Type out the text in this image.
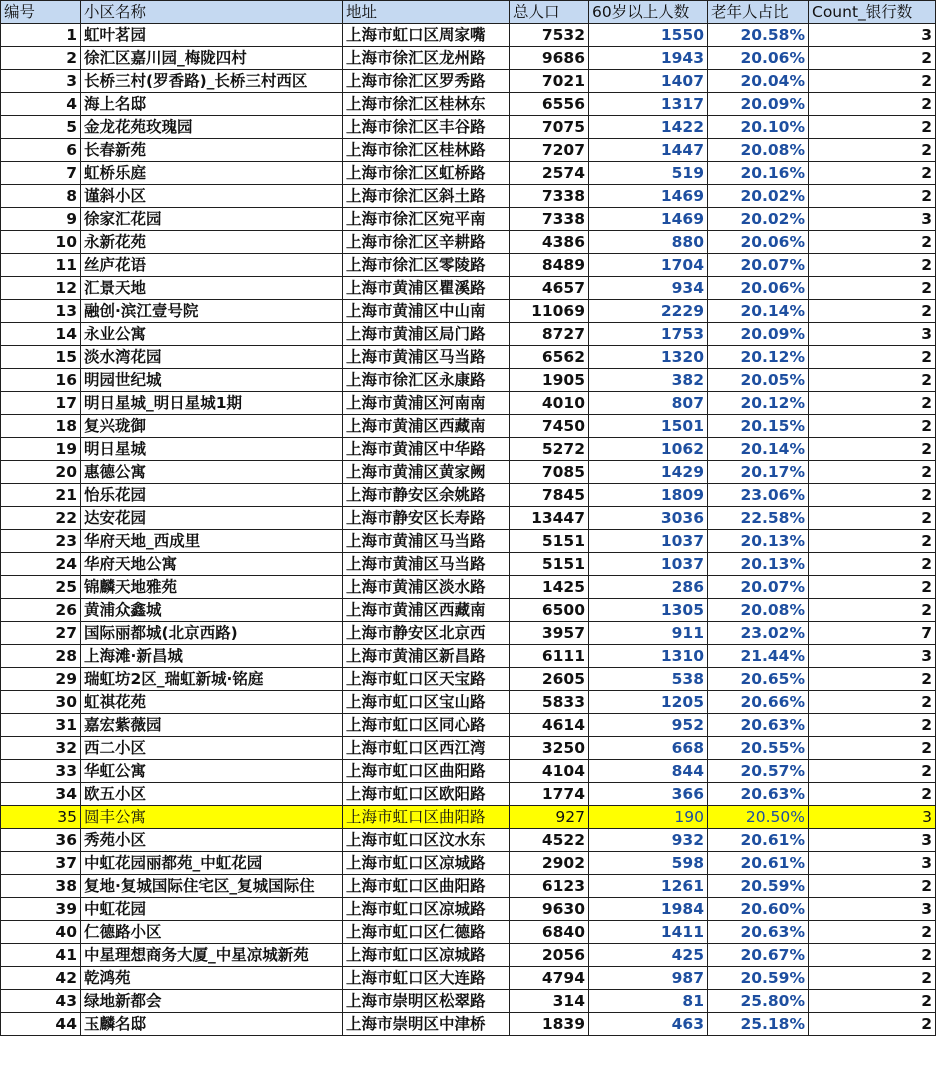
编号	小区名称	地址	总人口	60岁以上人数	老年人占比	Count_银行数
1	虹叶茗园	上海市虹口区周家嘴	7532	1550	20.58%	3
2	徐汇区嘉川园_梅陇四村	上海市徐汇区龙州路	9686	1943	20.06%	2
3	长桥三村(罗香路)_长桥三村西区	上海市徐汇区罗秀路	7021	1407	20.04%	2
4	海上名邸	上海市徐汇区桂林东	6556	1317	20.09%	2
5	金龙花苑玫瑰园	上海市徐汇区丰谷路	7075	1422	20.10%	2
6	长春新苑	上海市徐汇区桂林路	7207	1447	20.08%	2
7	虹桥乐庭	上海市徐汇区虹桥路	2574	519	20.16%	2
8	谨斜小区	上海市徐汇区斜土路	7338	1469	20.02%	2
9	徐家汇花园	上海市徐汇区宛平南	7338	1469	20.02%	3
10	永新花苑	上海市徐汇区辛耕路	4386	880	20.06%	2
11	丝庐花语	上海市徐汇区零陵路	8489	1704	20.07%	2
12	汇景天地	上海市黄浦区瞿溪路	4657	934	20.06%	2
13	融创·滨江壹号院	上海市黄浦区中山南	11069	2229	20.14%	2
14	永业公寓	上海市黄浦区局门路	8727	1753	20.09%	3
15	淡水湾花园	上海市黄浦区马当路	6562	1320	20.12%	2
16	明园世纪城	上海市徐汇区永康路	1905	382	20.05%	2
17	明日星城_明日星城1期	上海市黄浦区河南南	4010	807	20.12%	2
18	复兴珑御	上海市黄浦区西藏南	7450	1501	20.15%	2
19	明日星城	上海市黄浦区中华路	5272	1062	20.14%	2
20	惠德公寓	上海市黄浦区黄家阙	7085	1429	20.17%	2
21	怡乐花园	上海市静安区余姚路	7845	1809	23.06%	2
22	达安花园	上海市静安区长寿路	13447	3036	22.58%	2
23	华府天地_西成里	上海市黄浦区马当路	5151	1037	20.13%	2
24	华府天地公寓	上海市黄浦区马当路	5151	1037	20.13%	2
25	锦麟天地雅苑	上海市黄浦区淡水路	1425	286	20.07%	2
26	黄浦众鑫城	上海市黄浦区西藏南	6500	1305	20.08%	2
27	国际丽都城(北京西路)	上海市静安区北京西	3957	911	23.02%	7
28	上海滩·新昌城	上海市黄浦区新昌路	6111	1310	21.44%	3
29	瑞虹坊2区_瑞虹新城·铭庭	上海市虹口区天宝路	2605	538	20.65%	2
30	虹祺花苑	上海市虹口区宝山路	5833	1205	20.66%	2
31	嘉宏紫薇园	上海市虹口区同心路	4614	952	20.63%	2
32	西二小区	上海市虹口区西江湾	3250	668	20.55%	2
33	华虹公寓	上海市虹口区曲阳路	4104	844	20.57%	2
34	欧五小区	上海市虹口区欧阳路	1774	366	20.63%	2
35	圆丰公寓	上海市虹口区曲阳路	927	190	20.50%	3
36	秀苑小区	上海市虹口区汶水东	4522	932	20.61%	3
37	中虹花园丽都苑_中虹花园	上海市虹口区凉城路	2902	598	20.61%	3
38	复地·复城国际住宅区_复城国际住	上海市虹口区曲阳路	6123	1261	20.59%	2
39	中虹花园	上海市虹口区凉城路	9630	1984	20.60%	3
40	仁德路小区	上海市虹口区仁德路	6840	1411	20.63%	2
41	中星理想商务大厦_中星凉城新苑	上海市虹口区凉城路	2056	425	20.67%	2
42	乾鸿苑	上海市虹口区大连路	4794	987	20.59%	2
43	绿地新都会	上海市崇明区松翠路	314	81	25.80%	2
44	玉麟名邸	上海市崇明区中津桥	1839	463	25.18%	2
